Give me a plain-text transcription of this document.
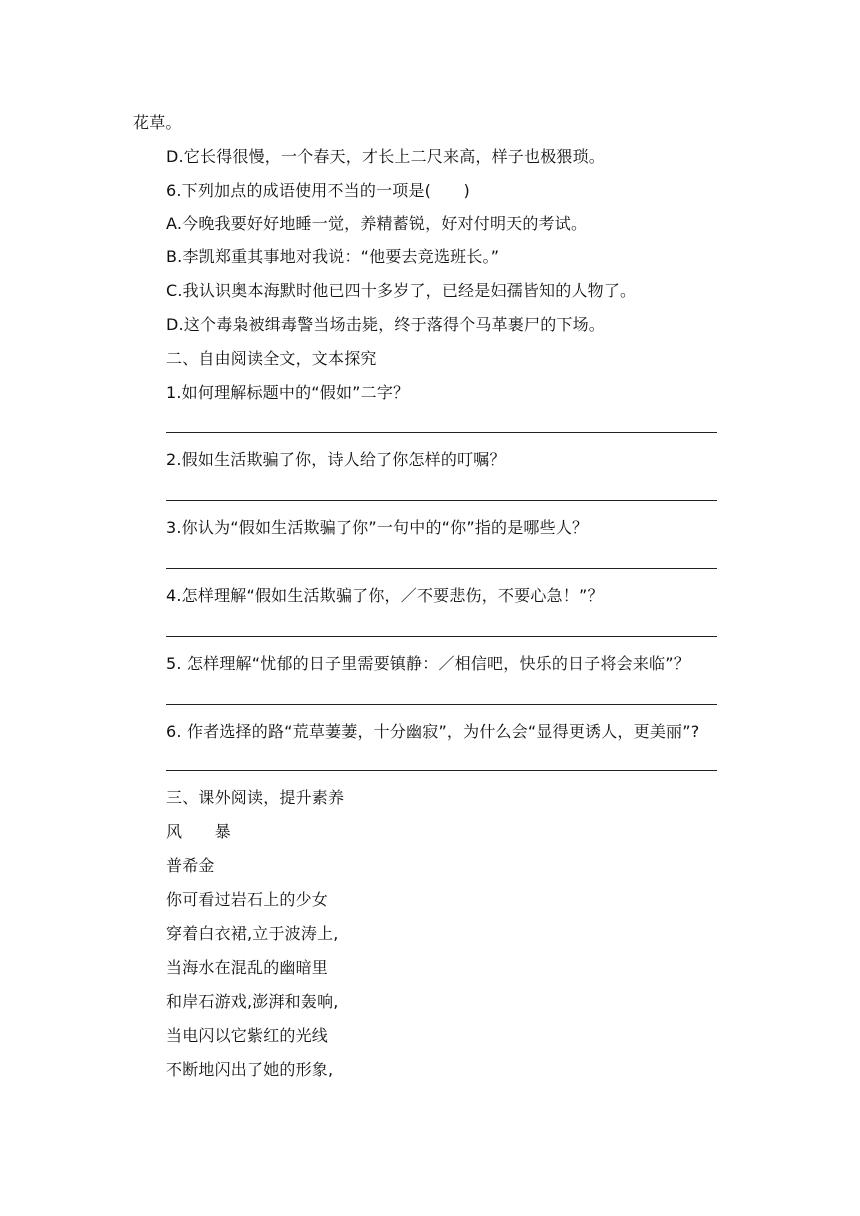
花草。
D.它长得很慢，一个春天，才长上二尺来高，样子也极猥琐。
6.下列加点的成语使用不当的一项是(　　)
A.今晚我要好好地睡一觉，养精蓄锐，好对付明天的考试。
B.李凯郑重其事地对我说：“他要去竞选班长。”
C.我认识奥本海默时他已四十多岁了，已经是妇孺皆知的人物了。
D.这个毒枭被缉毒警当场击毙，终于落得个马革裹尸的下场。
二、自由阅读全文，文本探究
1.如何理解标题中的“假如”二字？
2.假如生活欺骗了你，诗人给了你怎样的叮嘱？
3.你认为“假如生活欺骗了你”一句中的“你”指的是哪些人？
4.怎样理解“假如生活欺骗了你，／不要悲伤，不要心急！”？
5. 怎样理解“忧郁的日子里需要镇静：／相信吧，快乐的日子将会来临”？
6. 作者选择的路“荒草萋萋，十分幽寂”，为什么会“显得更诱人，更美丽”?
三、课外阅读，提升素养
风　　暴
普希金
你可看过岩石上的少女
穿着白衣裙,立于波涛上,
当海水在混乱的幽暗里
和岸石游戏,澎湃和轰响,
当电闪以它紫红的光线
不断地闪出了她的形象,
